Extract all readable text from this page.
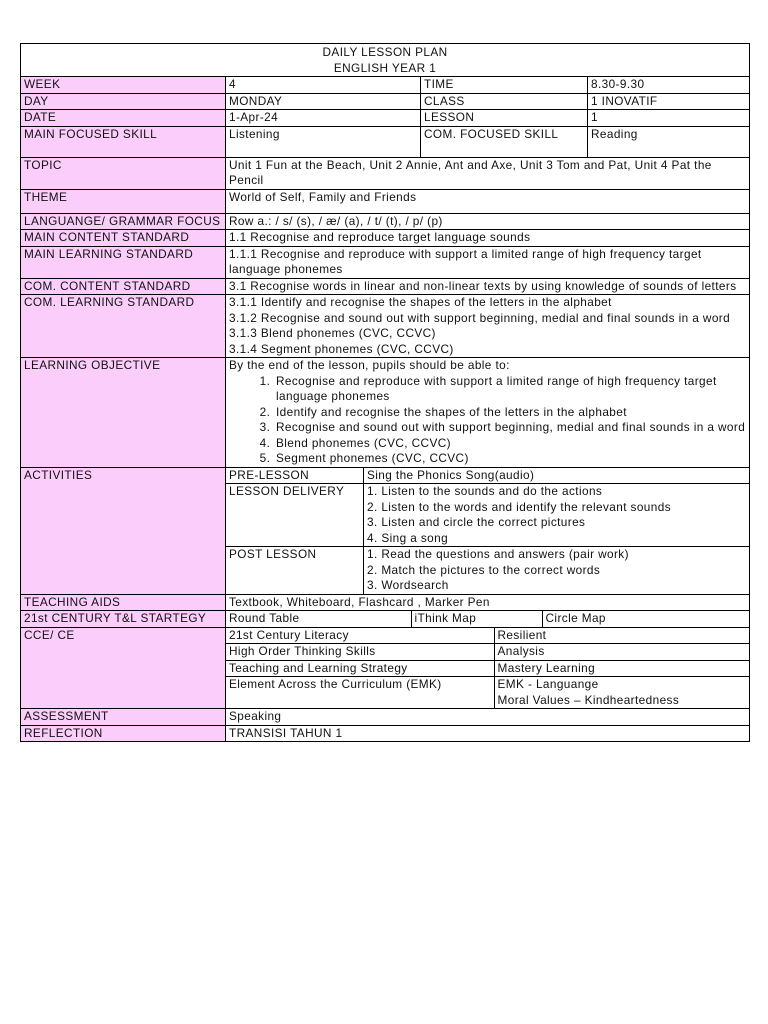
DAILY LESSON PLAN
ENGLISH YEAR 1

WEEK	4	TIME	8.30-9.30
DAY	MONDAY	CLASS	1 INOVATIF
DATE	1-Apr-24	LESSON	1
MAIN FOCUSED SKILL	Listening	COM. FOCUSED SKILL	Reading
TOPIC	Unit 1 Fun at the Beach, Unit 2 Annie, Ant and Axe, Unit 3 Tom and Pat, Unit 4 Pat the Pencil
THEME	World of Self, Family and Friends
LANGUANGE/ GRAMMAR FOCUS	Row a.: / s/ (s), / æ/ (a), / t/ (t), / p/ (p)
MAIN CONTENT STANDARD	1.1 Recognise and reproduce target language sounds
MAIN LEARNING STANDARD	1.1.1 Recognise and reproduce with support a limited range of high frequency target language phonemes
COM. CONTENT STANDARD	3.1 Recognise words in linear and non-linear texts by using knowledge of sounds of letters
COM. LEARNING STANDARD	3.1.1 Identify and recognise the shapes of the letters in the alphabet
3.1.2 Recognise and sound out with support beginning, medial and final sounds in a word
3.1.3 Blend phonemes (CVC, CCVC)
3.1.4 Segment phonemes (CVC, CCVC)

LEARNING OBJECTIVE	By the end of the lesson, pupils should be able to:
1. Recognise and reproduce with support a limited range of high frequency target language phonemes
2. Identify and recognise the shapes of the letters in the alphabet
3. Recognise and sound out with support beginning, medial and final sounds in a word
4. Blend phonemes (CVC, CCVC)
5. Segment phonemes (CVC, CCVC)

ACTIVITIES	PRE-LESSON	Sing the Phonics Song(audio)
LESSON DELIVERY	1. Listen to the sounds and do the actions
2. Listen to the words and identify the relevant sounds
3. Listen and circle the correct pictures
4. Sing a song

POST LESSON	1. Read the questions and answers (pair work)
2. Match the pictures to the correct words
3. Wordsearch

TEACHING AIDS	Textbook, Whiteboard, Flashcard , Marker Pen
21st CENTURY T&L STARTEGY	Round Table	iThink Map	Circle Map

CCE/ CE		21st Century Literacy	Resilient
High Order Thinking Skills	Analysis
Teaching and Learning Strategy	Mastery Learning
Element Across the Curriculum (EMK)	EMK - Languange
Moral Values – Kindheartedness

ASSESSMENT	Speaking
REFLECTION	TRANSISI TAHUN 1
